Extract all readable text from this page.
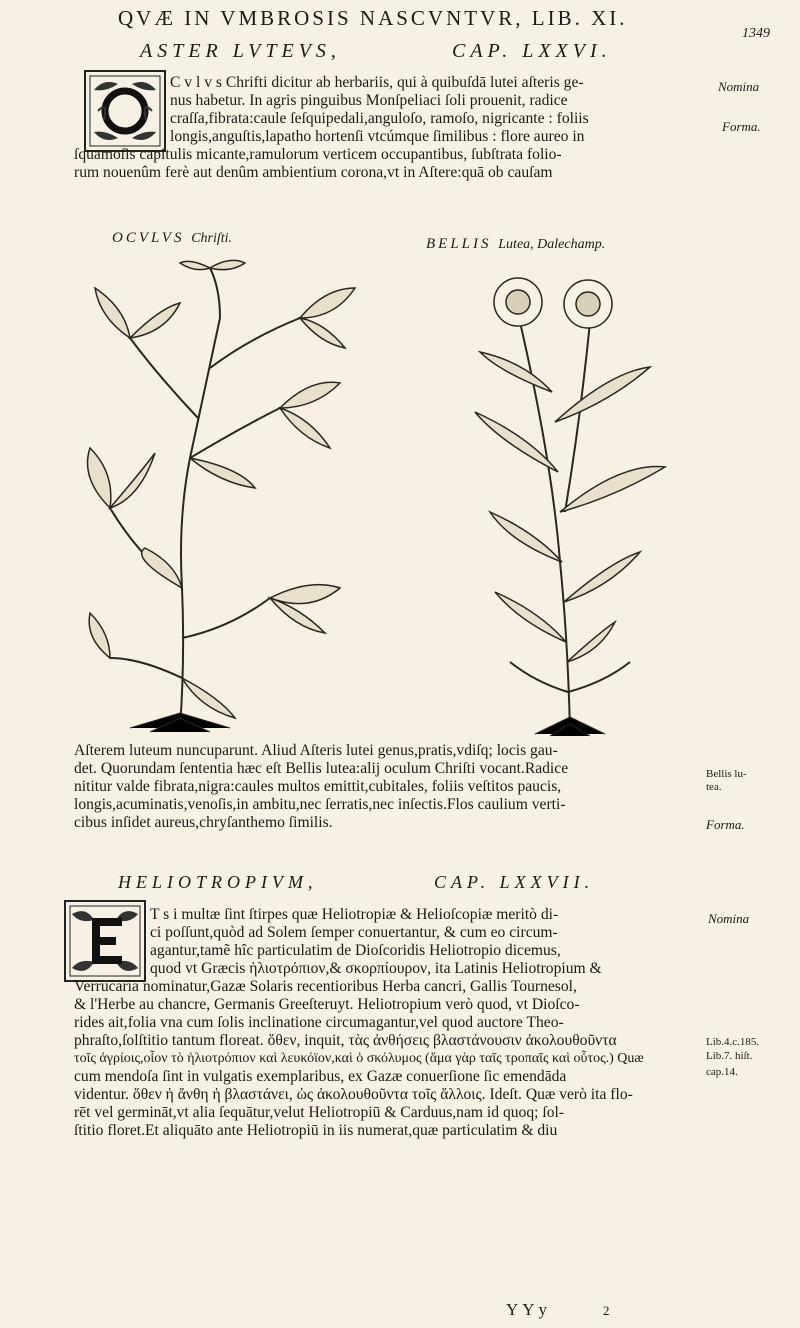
QVÆ IN VMBROSIS NASCVNTVR, LIB. XI.
1349
ASTER LVTEVS,	CAP. LXXVI.
C v l v s Chrifti dicitur ab herbariis, qui à quibuſdā lutei aſteris ge-
nus habetur. In agris pinguibus Monſpeliaci ſoli prouenit, radice
craſſa,fibrata:caule ſeſquipedali,anguloſo, ramoſo, nigricante : foliis
longis,anguſtis,lapatho hortenſi vtcúmque ſimilibus : flore aureo in
ſquamoſis capitulis micante,ramulorum verticem occupantibus, ſubſtrata folio-
rum nouenûm ferè aut denûm ambientium corona,vt in Aſtere:quā ob cauſam
Nomina
Forma.
OCVLVS Chriſti.	BELLIS Lutea, Dalechamp.
Aſterem luteum nuncuparunt. Aliud Aſteris lutei genus,pratis,vdiſq; locis gau-
det. Quorundam ſententia hæc eſt Bellis lutea:alij oculum Chriſti vocant.Radice
nititur valde fibrata,nigra:caules multos emittit,cubitales, foliis veſtitos paucis,
longis,acuminatis,venoſis,in ambitu,nec ſerratis,nec inſectis.Flos caulium verti-
cibus inſidet aureus,chryſanthemo ſimilis.
Bellis lu-
tea.
Forma.
HELIOTROPIVM,	CAP. LXXVII.
T s i multæ ſint ſtirpes quæ Heliotropiæ & Helioſcopiæ meritò di-
ci poſſunt,quòd ad Solem ſemper conuertantur, & cum eo circum-
agantur,tamẽ hîc particulatim de Dioſcoridis Heliotropio dicemus,
quod vt Græcis ἡλιοτρόπιον,& σκορπίουρον, ita Latinis Heliotropium &
Verrucaria nominatur,Gazæ Solaris recentioribus Herba cancri, Gallis Tournesol,
& l'Herbe au chancre, Germanis Greeſteruyt. Heliotropium verò quod, vt Dioſco-
rides ait,folia vna cum ſolis inclinatione circumagantur,vel quod auctore Theo-
phraſto,ſolſtitio tantum floreat. ὅθεν, inquit, τὰς ἀνθήσεις βλαστάνουσιν ἀκολουθοῦντα
τοῖς ἀγρίοις,οἷον τὸ ἡλιοτρόπιον καὶ λευκόϊον,καὶ ὁ σκόλυμος (ἅμα γὰρ ταῖς τροπαῖς καὶ οὗτος.) Quæ
cum mendoſa ſint in vulgatis exemplaribus, ex Gazæ conuerſione ſic emendāda
videntur. ὅθεν ἡ ἄνθη ἡ βλαστάνει, ὡς ἀκολουθοῦντα τοῖς ἄλλοις. Ideſt. Quæ verò ita flo-
rēt vel germināt,vt alia ſequātur,velut Heliotropiū & Carduus,nam id quoq; ſol-
ſtitio floret.Et aliquāto ante Heliotropiū in iis numerat,quæ particulatim & diu
Nomina
Lib.4.c.185.
Lib.7. hiſt.
cap.14.
YYy	2
